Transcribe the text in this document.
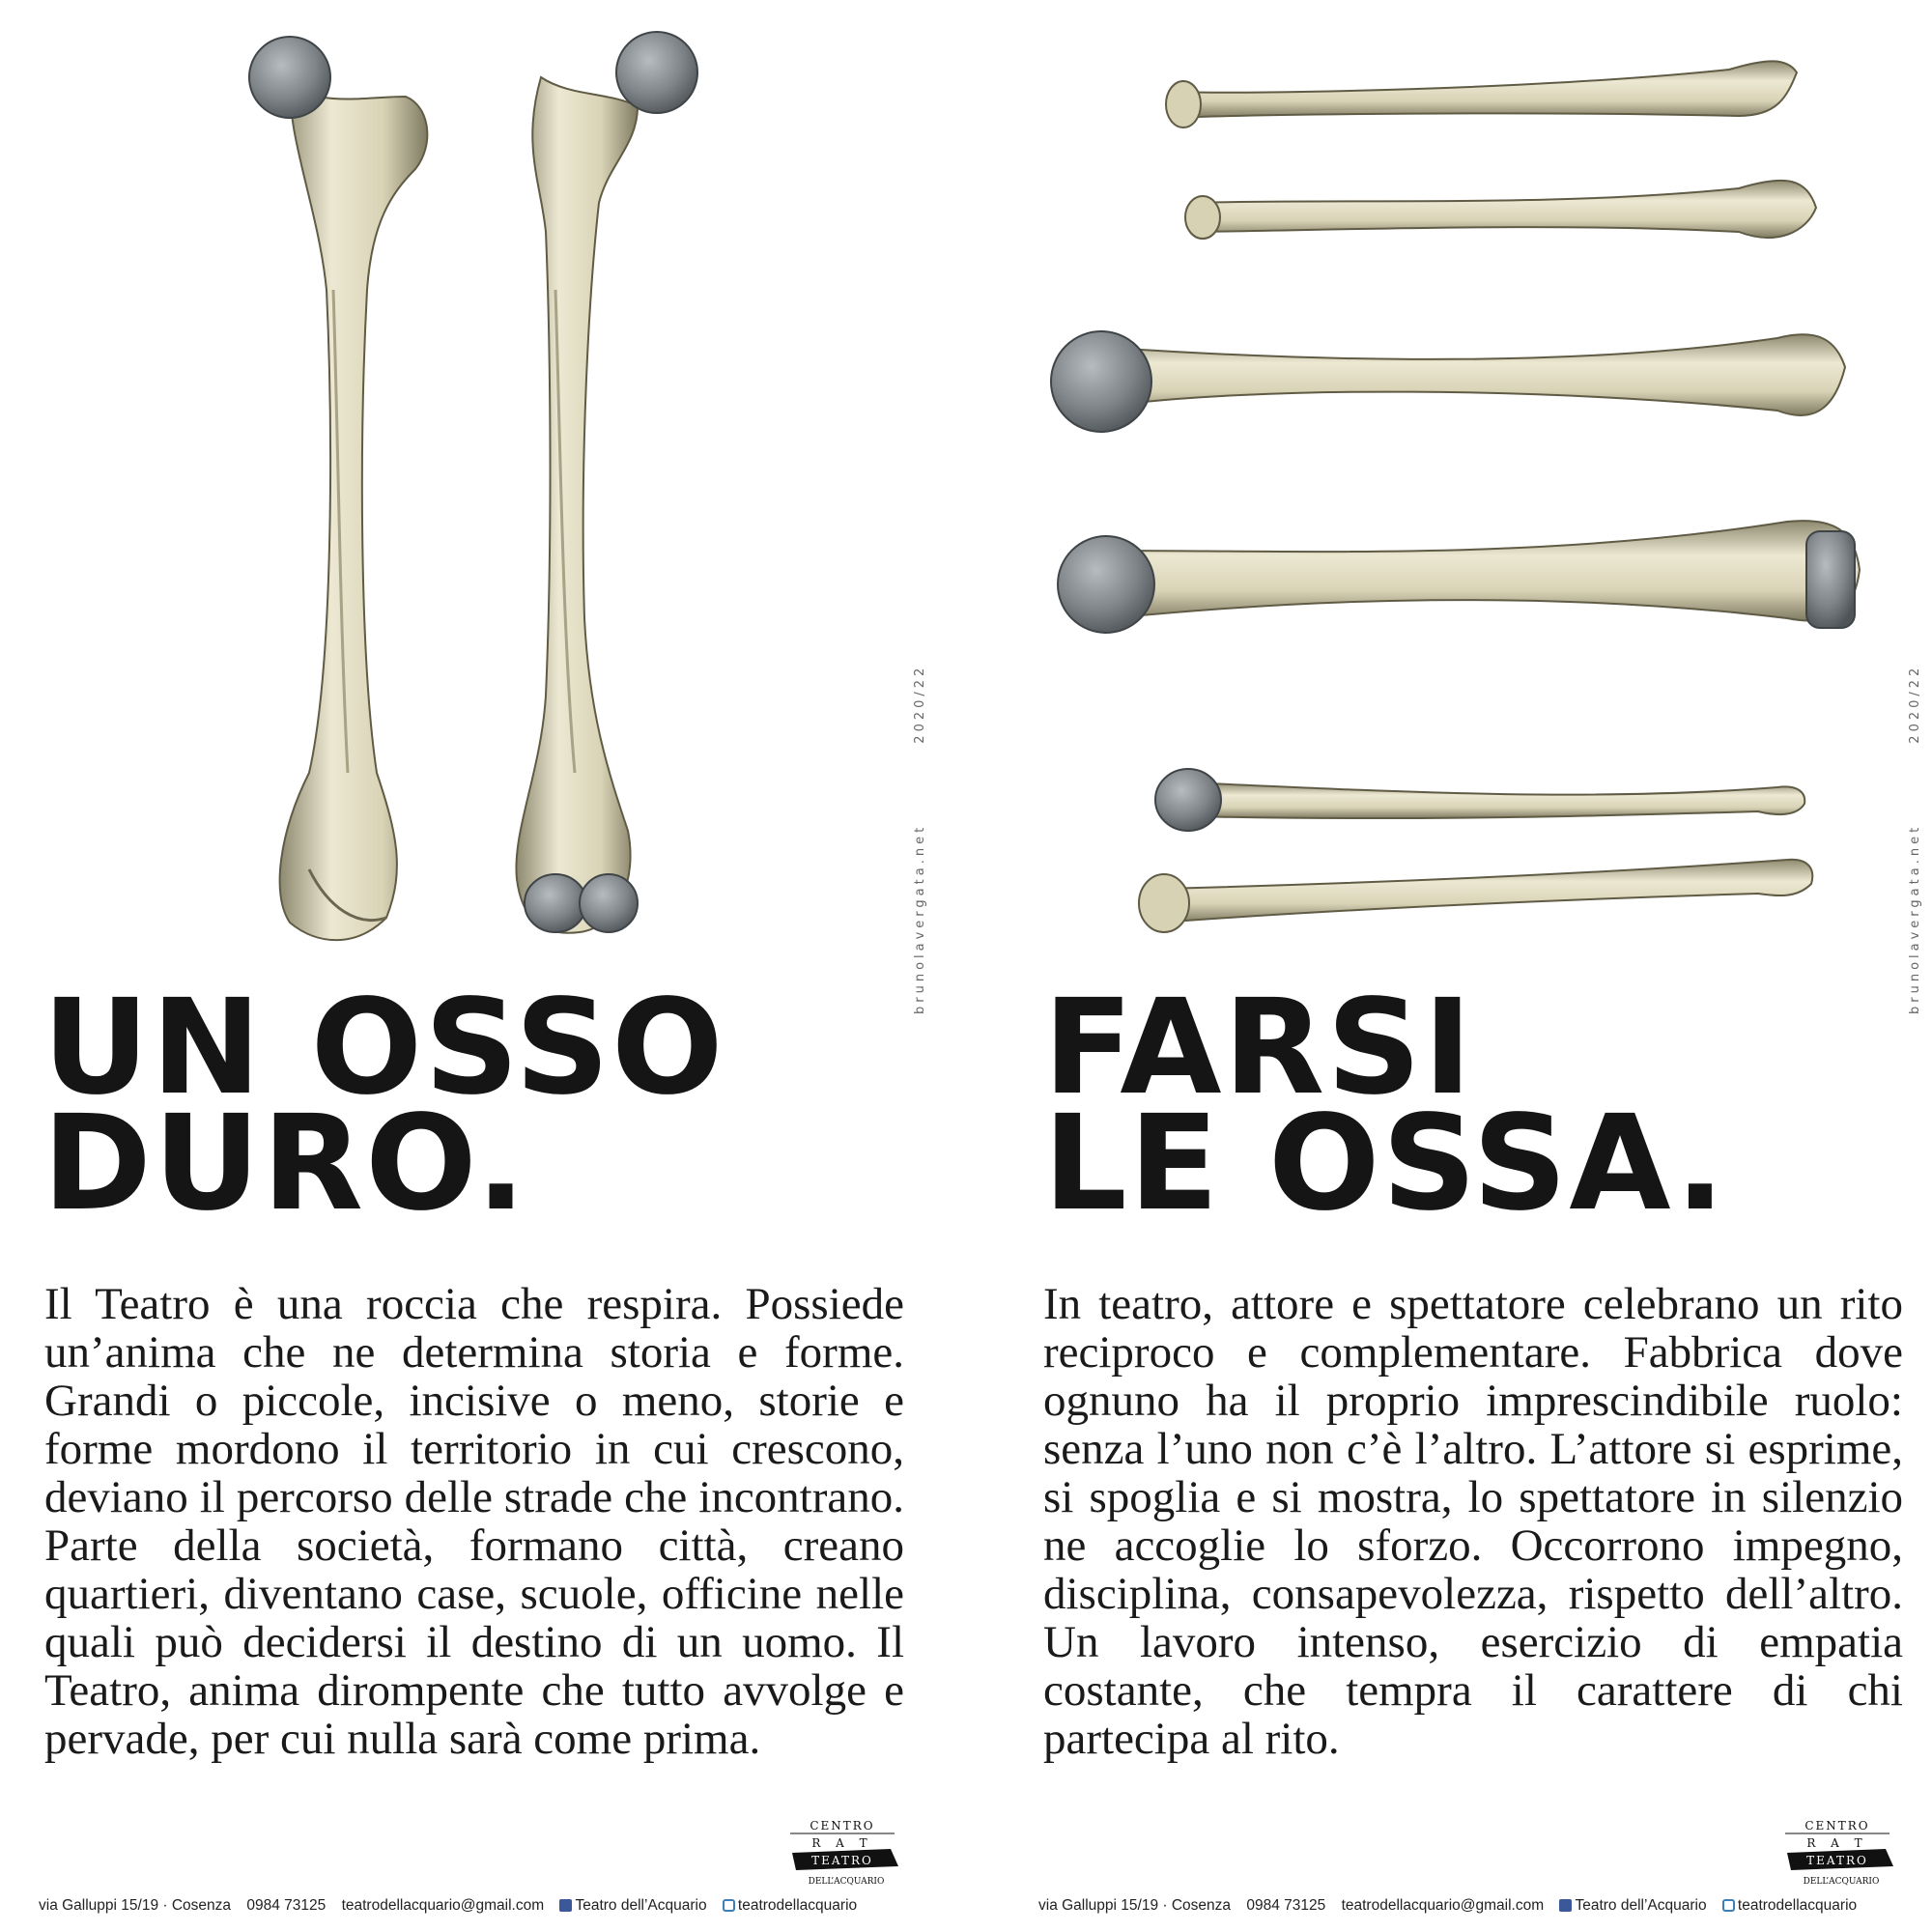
UN OSSO
DURO.

Il Teatro è una roccia che respira. Possiede un’anima che ne determina storia e forme. Grandi o piccole, incisive o meno, storie e forme mordono il territorio in cui crescono, deviano il percorso delle strade che incontrano. Parte della società, formano città, creano quartieri, diventano case, scuole, officine nelle quali può decidersi il destino di un uomo. Il Teatro, anima dirompente che tutto avvolge e pervade, per cui nulla sarà come prima.

brunolavergata.net 2020/22
CENTRO
R A T
TEATRO
DELL’ACQUARIO
via Galluppi 15/19 · Cosenza 0984 73125 teatrodellacquario@gmail.com Teatro dell’Acquario teatrodellacquario
FARSI
LE OSSA.

In teatro, attore e spettatore celebrano un rito reciproco e complementare. Fabbrica dove ognuno ha il proprio imprescindibile ruolo: senza l’uno non c’è l’altro. L’attore si esprime, si spoglia e si mostra, lo spettatore in silenzio ne accoglie lo sforzo. Occorrono impegno, disciplina, consapevolezza, rispetto dell’altro. Un lavoro intenso, esercizio di empatia costante, che tempra il carattere di chi partecipa al rito.

brunolavergata.net 2020/22
CENTRO
R A T
TEATRO
DELL’ACQUARIO
via Galluppi 15/19 · Cosenza 0984 73125 teatrodellacquario@gmail.com Teatro dell’Acquario teatrodellacquario
